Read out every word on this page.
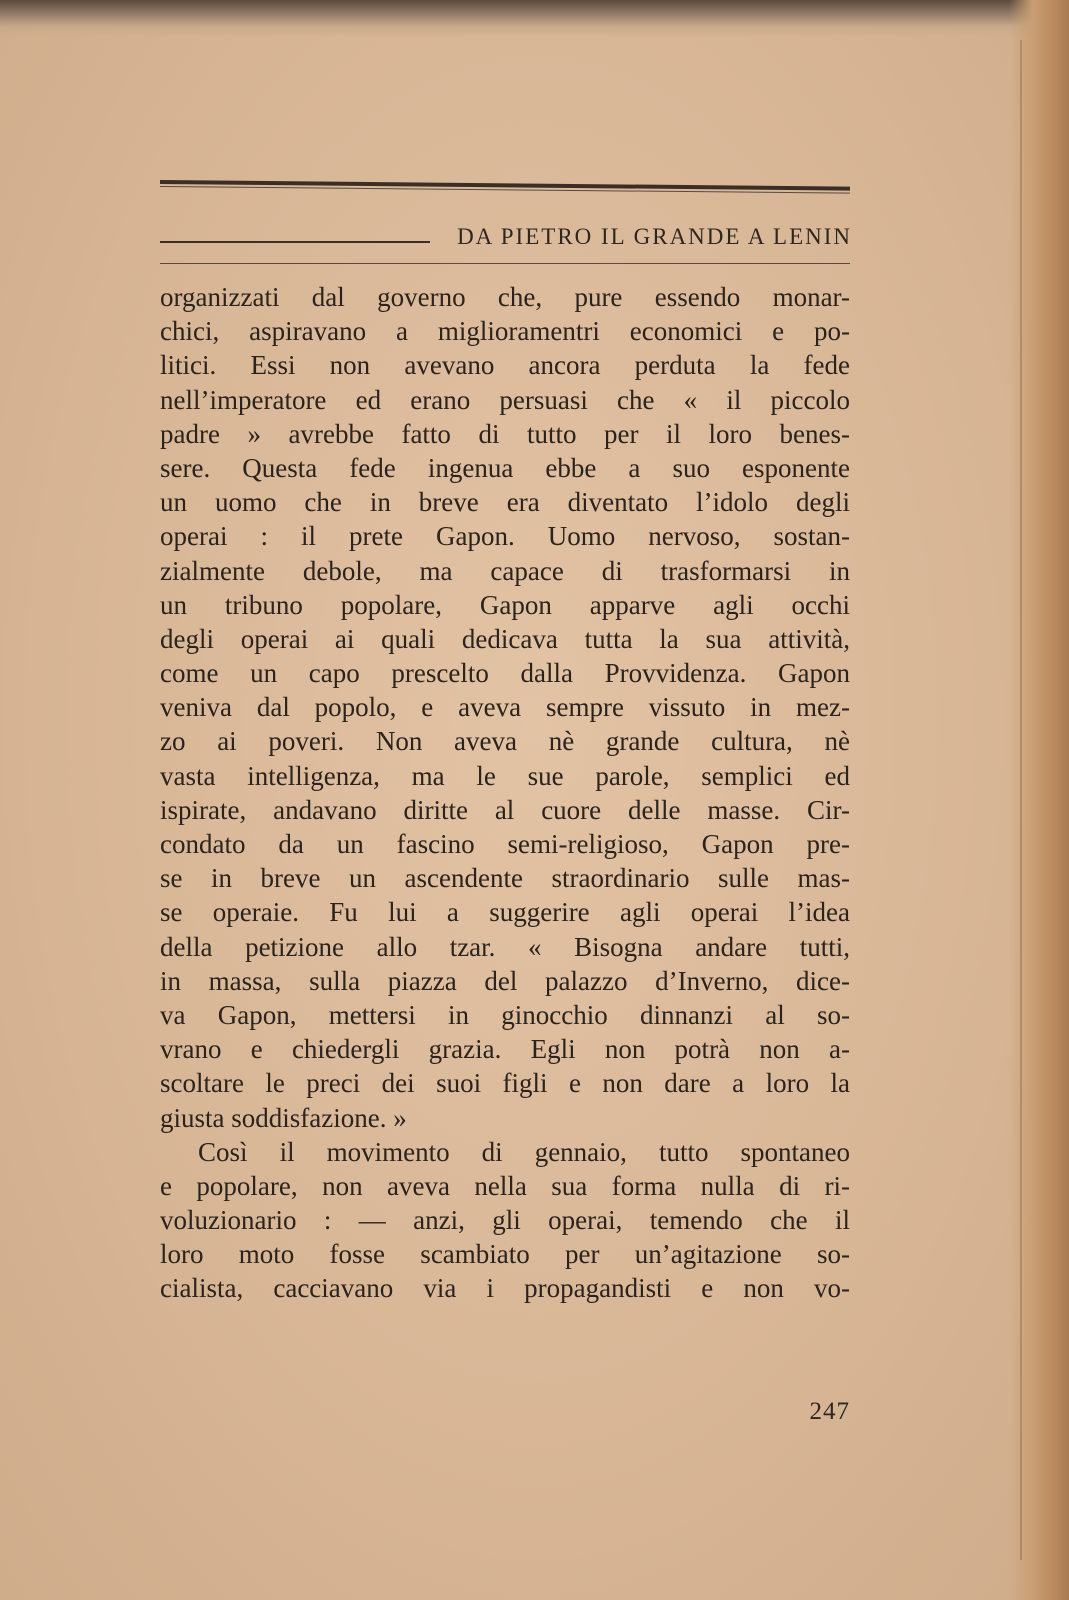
DA PIETRO IL GRANDE A LENIN
organizzati dal governo che, pure essendo monar-
chici, aspiravano a miglioramentri economici e po-
litici. Essi non avevano ancora perduta la fede
nell’imperatore ed erano persuasi che « il piccolo
padre » avrebbe fatto di tutto per il loro benes-
sere. Questa fede ingenua ebbe a suo esponente
un uomo che in breve era diventato l’idolo degli
operai : il prete Gapon. Uomo nervoso, sostan-
zialmente debole, ma capace di trasformarsi in
un tribuno popolare, Gapon apparve agli occhi
degli operai ai quali dedicava tutta la sua attività,
come un capo prescelto dalla Provvidenza. Gapon
veniva dal popolo, e aveva sempre vissuto in mez-
zo ai poveri. Non aveva nè grande cultura, nè
vasta intelligenza, ma le sue parole, semplici ed
ispirate, andavano diritte al cuore delle masse. Cir-
condato da un fascino semi-religioso, Gapon pre-
se in breve un ascendente straordinario sulle mas-
se operaie. Fu lui a suggerire agli operai l’idea
della petizione allo tzar. « Bisogna andare tutti,
in massa, sulla piazza del palazzo d’Inverno, dice-
va Gapon, mettersi in ginocchio dinnanzi al so-
vrano e chiedergli grazia. Egli non potrà non a-
scoltare le preci dei suoi figli e non dare a loro la
giusta soddisfazione. »
Così il movimento di gennaio, tutto spontaneo
e popolare, non aveva nella sua forma nulla di ri-
voluzionario : — anzi, gli operai, temendo che il
loro moto fosse scambiato per un’agitazione so-
cialista, cacciavano via i propagandisti e non vo-
247
